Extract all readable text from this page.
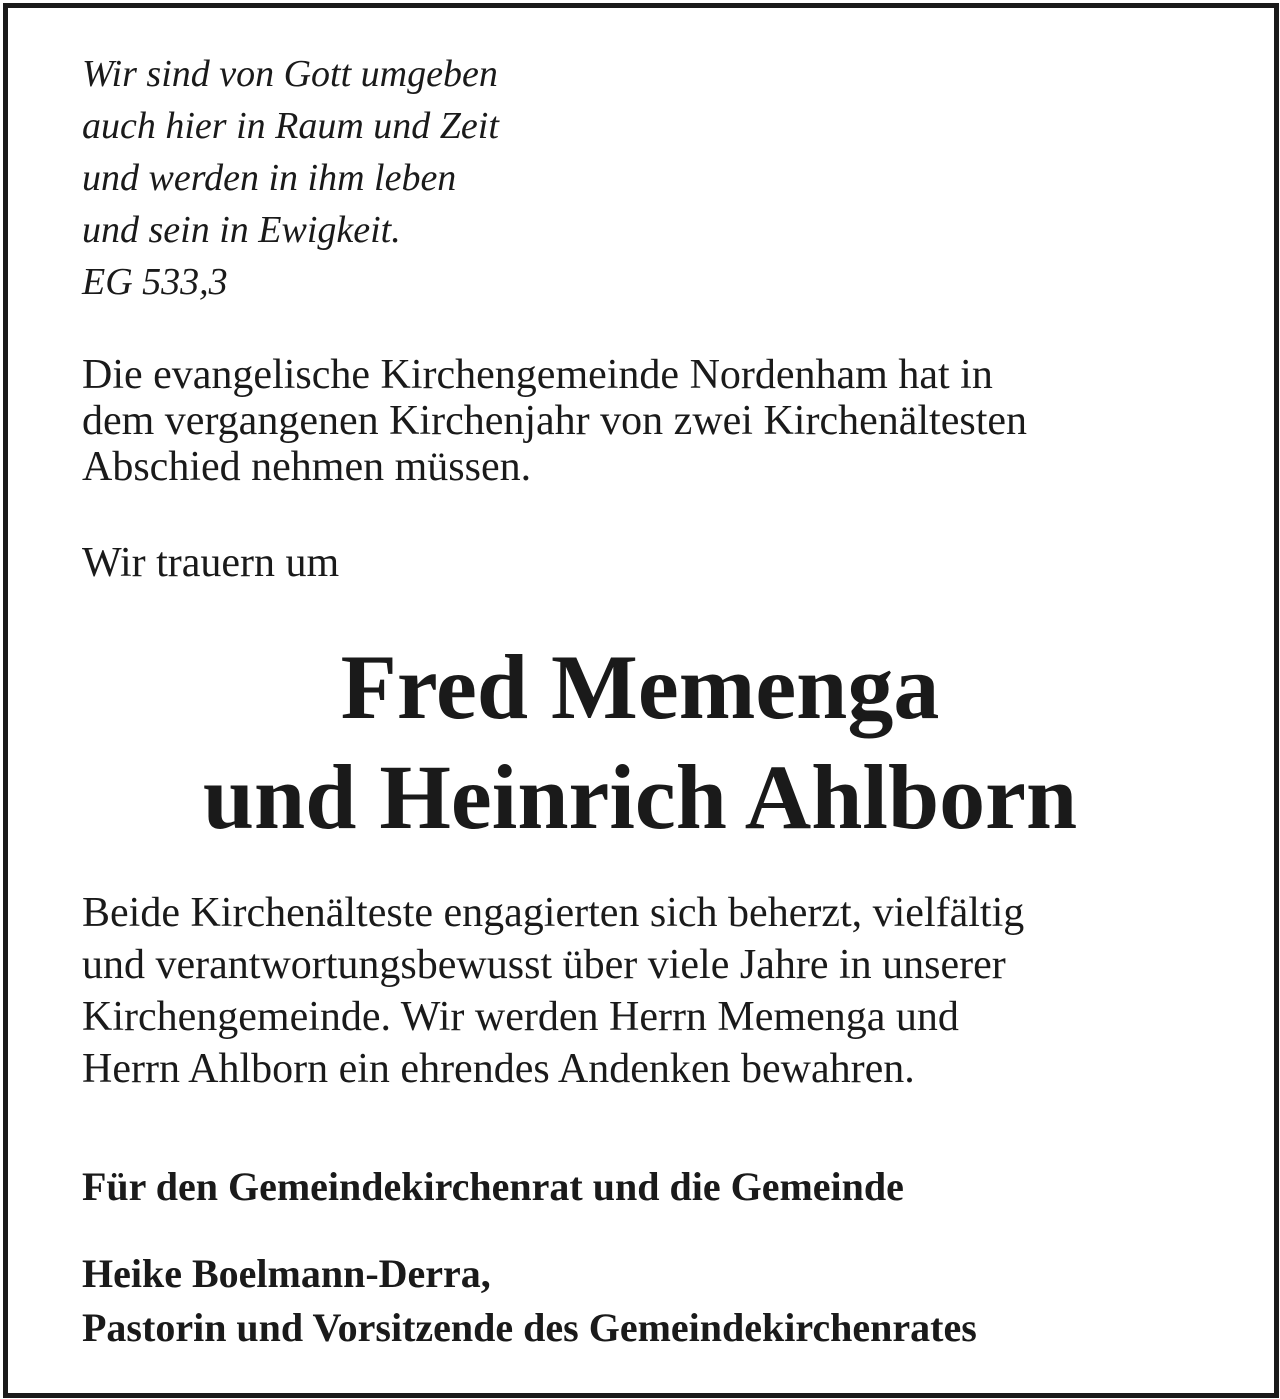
Wir sind von Gott umgeben
auch hier in Raum und Zeit
und werden in ihm leben
und sein in Ewigkeit.
EG 533,3
Die evangelische Kirchengemeinde Nordenham hat in
dem vergangenen Kirchenjahr von zwei Kirchenältesten
Abschied nehmen müssen.
Wir trauern um
Fred Memenga
und Heinrich Ahlborn
Beide Kirchenälteste engagierten sich beherzt, vielfältig
und verantwortungsbewusst über viele Jahre in unserer
Kirchengemeinde. Wir werden Herrn Memenga und
Herrn Ahlborn ein ehrendes Andenken bewahren.
Für den Gemeindekirchenrat und die Gemeinde
Heike Boelmann-Derra,
Pastorin und Vorsitzende des Gemeindekirchenrates
